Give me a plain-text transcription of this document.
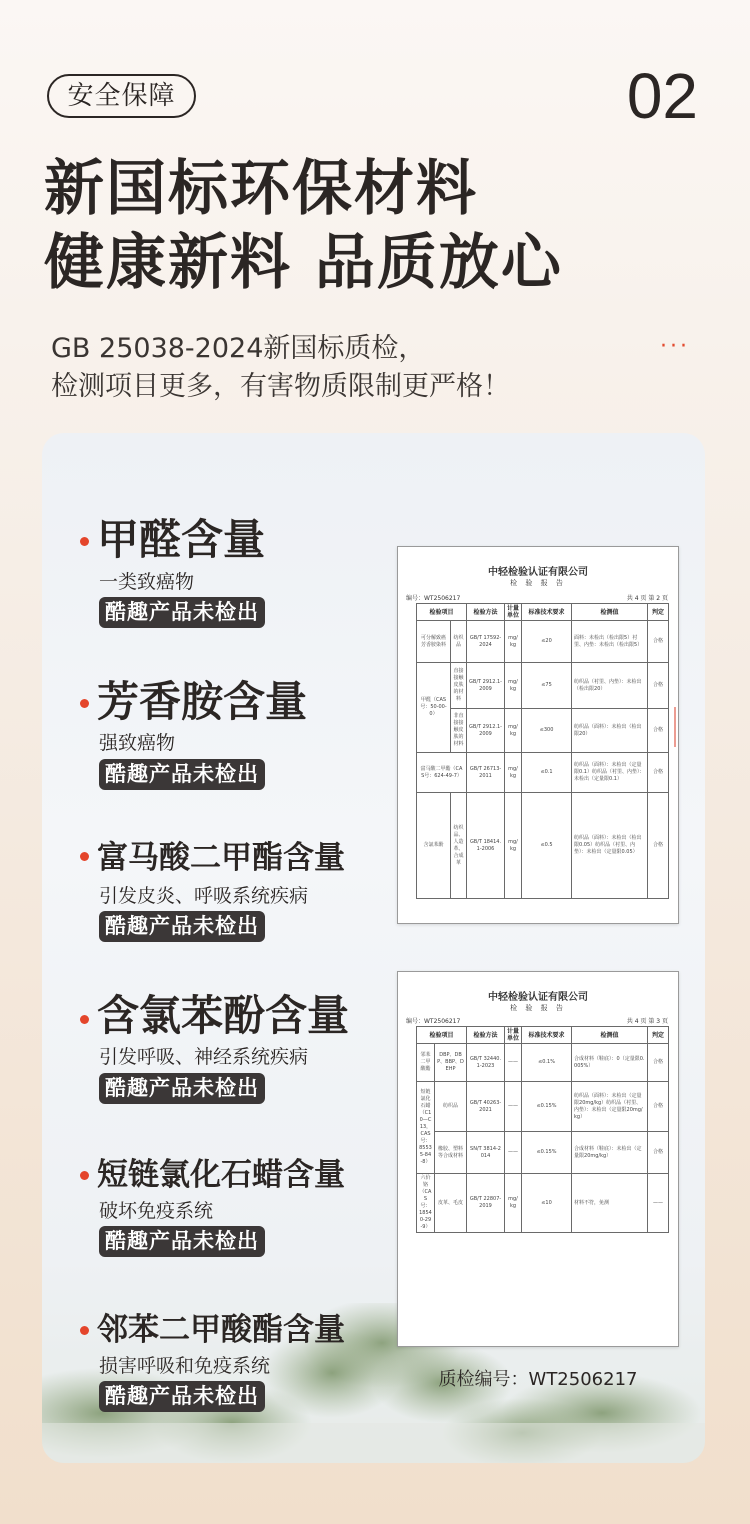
安全保障	02
新国标环保材料
健康新料 品质放心
GB 25038-2024新国标质检，
检测项目更多，有害物质限制更严格！
···
甲醛含量
一类致癌物
酷趣产品未检出
芳香胺含量
强致癌物
酷趣产品未检出
富马酸二甲酯含量
引发皮炎、呼吸系统疾病
酷趣产品未检出
含氯苯酚含量
引发呼吸、神经系统疾病
酷趣产品未检出
短链氯化石蜡含量
破坏免疫系统
酷趣产品未检出
邻苯二甲酸酯含量
损害呼吸和免疫系统
酷趣产品未检出
中轻检验认证有限公司
检 验 报 告
编号：WT2506217	共 4 页 第 2 页
检验项目		检验方法	计量单位	标准技术要求	检测值	判定
可分解致癌芳香胺染料	纺织品	GB/T 17592-2024	mg/kg	≤20	面料：未检出（检出限5）衬里、内垫：未检出（检出限5）	合格
甲醛（CAS号：50-00-0）	直接接触皮肤的材料	GB/T 2912.1-2009	mg/kg	≤75	纺织品（衬里、内垫）：未检出（检出限20）	合格
	非直接接触皮肤的材料	GB/T 2912.1-2009	mg/kg	≤300	纺织品（面料）：未检出（检出限20）	合格
富马酸二甲酯（CAS号：624-49-7）		GB/T 26713-2011	mg/kg	≤0.1	纺织品（面料）：未检出（定量限0.1）纺织品（衬里、内垫）：未检出（定量限0.1）	合格
含氯苯酚	纺织品、人造革、合成革	GB/T 18414.1-2006	mg/kg	≤0.5	纺织品（面料）：未检出（检出限0.05）纺织品（衬里、内垫）：未检出（定量限0.05）	合格
中轻检验认证有限公司
检 验 报 告
编号：WT2506217	共 4 页 第 3 页
检验项目		检验方法	计量单位	标准技术要求	检测值	判定
邻苯二甲酸酯	DBP、DBP、BBP、DEHP	GB/T 32440.1-2023	——	≤0.1%	合成材料（鞋底）：0（定量限0.005%）	合格
短链氯化石蜡（C10—C13，CAS号：85535-84-8）	纺织品	GB/T 40263-2021	——	≤0.15%	纺织品（面料）：未检出（定量限20mg/kg）纺织品（衬里、内垫）：未检出（定量限20mg/kg）	合格
	橡胶、塑料等合成材料	SN/T 3814-2014	——	≤0.15%	合成材料（鞋底）：未检出（定量限20mg/kg）	合格
六价铬（CAS号：18540-29-9）	皮革、毛皮	GB/T 22807-2019	mg/kg	≤10	材料不符，免测	——
质检编号：WT2506217
